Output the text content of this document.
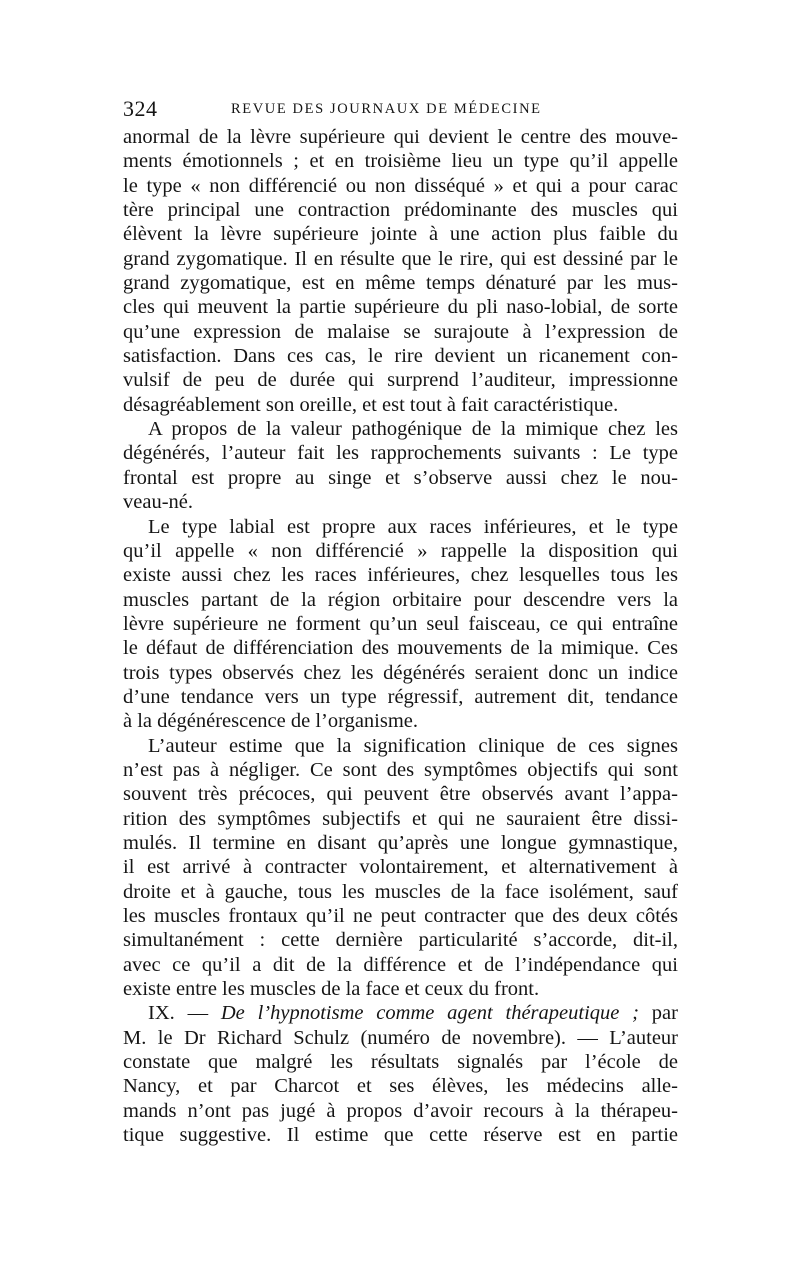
324	REVUE DES JOURNAUX DE MÉDECINE
anormal de la lèvre supérieure qui devient le centre des mouve-
ments émotionnels ; et en troisième lieu un type qu’il appelle
le type « non différencié ou non disséqué » et qui a pour carac
tère principal une contraction prédominante des muscles qui
élèvent la lèvre supérieure jointe à une action plus faible du
grand zygomatique. Il en résulte que le rire, qui est dessiné par le
grand zygomatique, est en même temps dénaturé par les mus-
cles qui meuvent la partie supérieure du pli naso-lobial, de sorte
qu’une expression de malaise se surajoute à l’expression de
satisfaction. Dans ces cas, le rire devient un ricanement con-
vulsif de peu de durée qui surprend l’auditeur, impressionne
désagréablement son oreille, et est tout à fait caractéristique.
A propos de la valeur pathogénique de la mimique chez les
dégénérés, l’auteur fait les rapprochements suivants : Le type
frontal est propre au singe et s’observe aussi chez le nou-
veau-né.
Le type labial est propre aux races inférieures, et le type
qu’il appelle « non différencié » rappelle la disposition qui
existe aussi chez les races inférieures, chez lesquelles tous les
muscles partant de la région orbitaire pour descendre vers la
lèvre supérieure ne forment qu’un seul faisceau, ce qui entraîne
le défaut de différenciation des mouvements de la mimique. Ces
trois types observés chez les dégénérés seraient donc un indice
d’une tendance vers un type régressif, autrement dit, tendance
à la dégénérescence de l’organisme.
L’auteur estime que la signification clinique de ces signes
n’est pas à négliger. Ce sont des symptômes objectifs qui sont
souvent très précoces, qui peuvent être observés avant l’appa-
rition des symptômes subjectifs et qui ne sauraient être dissi-
mulés. Il termine en disant qu’après une longue gymnastique,
il est arrivé à contracter volontairement, et alternativement à
droite et à gauche, tous les muscles de la face isolément, sauf
les muscles frontaux qu’il ne peut contracter que des deux côtés
simultanément : cette dernière particularité s’accorde, dit-il,
avec ce qu’il a dit de la différence et de l’indépendance qui
existe entre les muscles de la face et ceux du front.
IX. — De l’hypnotisme comme agent thérapeutique ; par
M. le Dr Richard Schulz (numéro de novembre). — L’auteur
constate que malgré les résultats signalés par l’école de
Nancy, et par Charcot et ses élèves, les médecins alle-
mands n’ont pas jugé à propos d’avoir recours à la thérapeu-
tique suggestive. Il estime que cette réserve est en partie
